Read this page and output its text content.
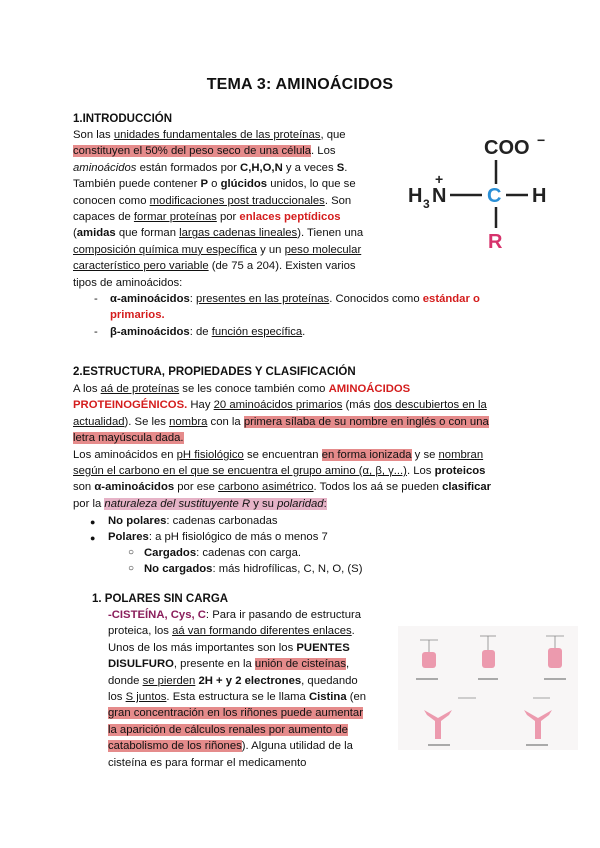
TEMA 3: AMINOÁCIDOS
1.INTRODUCCIÓN
Son las unidades fundamentales de las proteínas, que
constituyen el 50% del peso seco de una célula. Los
aminoácidos están formados por C,H,O,N y a veces S.
También puede contener P o glúcidos unidos, lo que se
conocen como modificaciones post traduccionales. Son
capaces de formar proteínas por enlaces peptídicos
(amidas que forman largas cadenas lineales). Tienen una
composición química muy específica y un peso molecular
característico pero variable (de 75 a 204). Existen varios
tipos de aminoácidos:
- α-aminoácidos: presentes en las proteínas. Conocidos como estándar o
primarios.
- β-aminoácidos: de función específica.
COO −
H 3 N
+
C H
R
2.ESTRUCTURA, PROPIEDADES Y CLASIFICACIÓN
A los aá de proteínas se les conoce también como AMINOÁCIDOS
PROTEINOGÉNICOS. Hay 20 aminoácidos primarios (más dos descubiertos en la
actualidad). Se les nombra con la primera sílaba de su nombre en inglés o con una
letra mayúscula dada.
Los aminoácidos en pH fisiológico se encuentran en forma ionizada y se nombran
según el carbono en el que se encuentra el grupo amino (α, β, γ...). Los proteicos
son α-aminoácidos por ese carbono asimétrico. Todos los aá se pueden clasificar
por la naturaleza del sustituyente R y su polaridad:
● No polares: cadenas carbonadas
● Polares: a pH fisiológico de más o menos 7
○ Cargados: cadenas con carga.
○ No cargados: más hidrofílicas, C, N, O, (S)
1. POLARES SIN CARGA
-CISTEÍNA, Cys, C: Para ir pasando de estructura
proteica, los aá van formando diferentes enlaces.
Unos de los más importantes son los PUENTES
DISULFURO, presente en la unión de cisteínas,
donde se pierden 2H + y 2 electrones, quedando
los S juntos. Esta estructura se le llama Cistina (en
gran concentración en los riñones puede aumentar
la aparición de cálculos renales por aumento de
catabolismo de los riñones). Alguna utilidad de la
cisteína es para formar el medicamento
